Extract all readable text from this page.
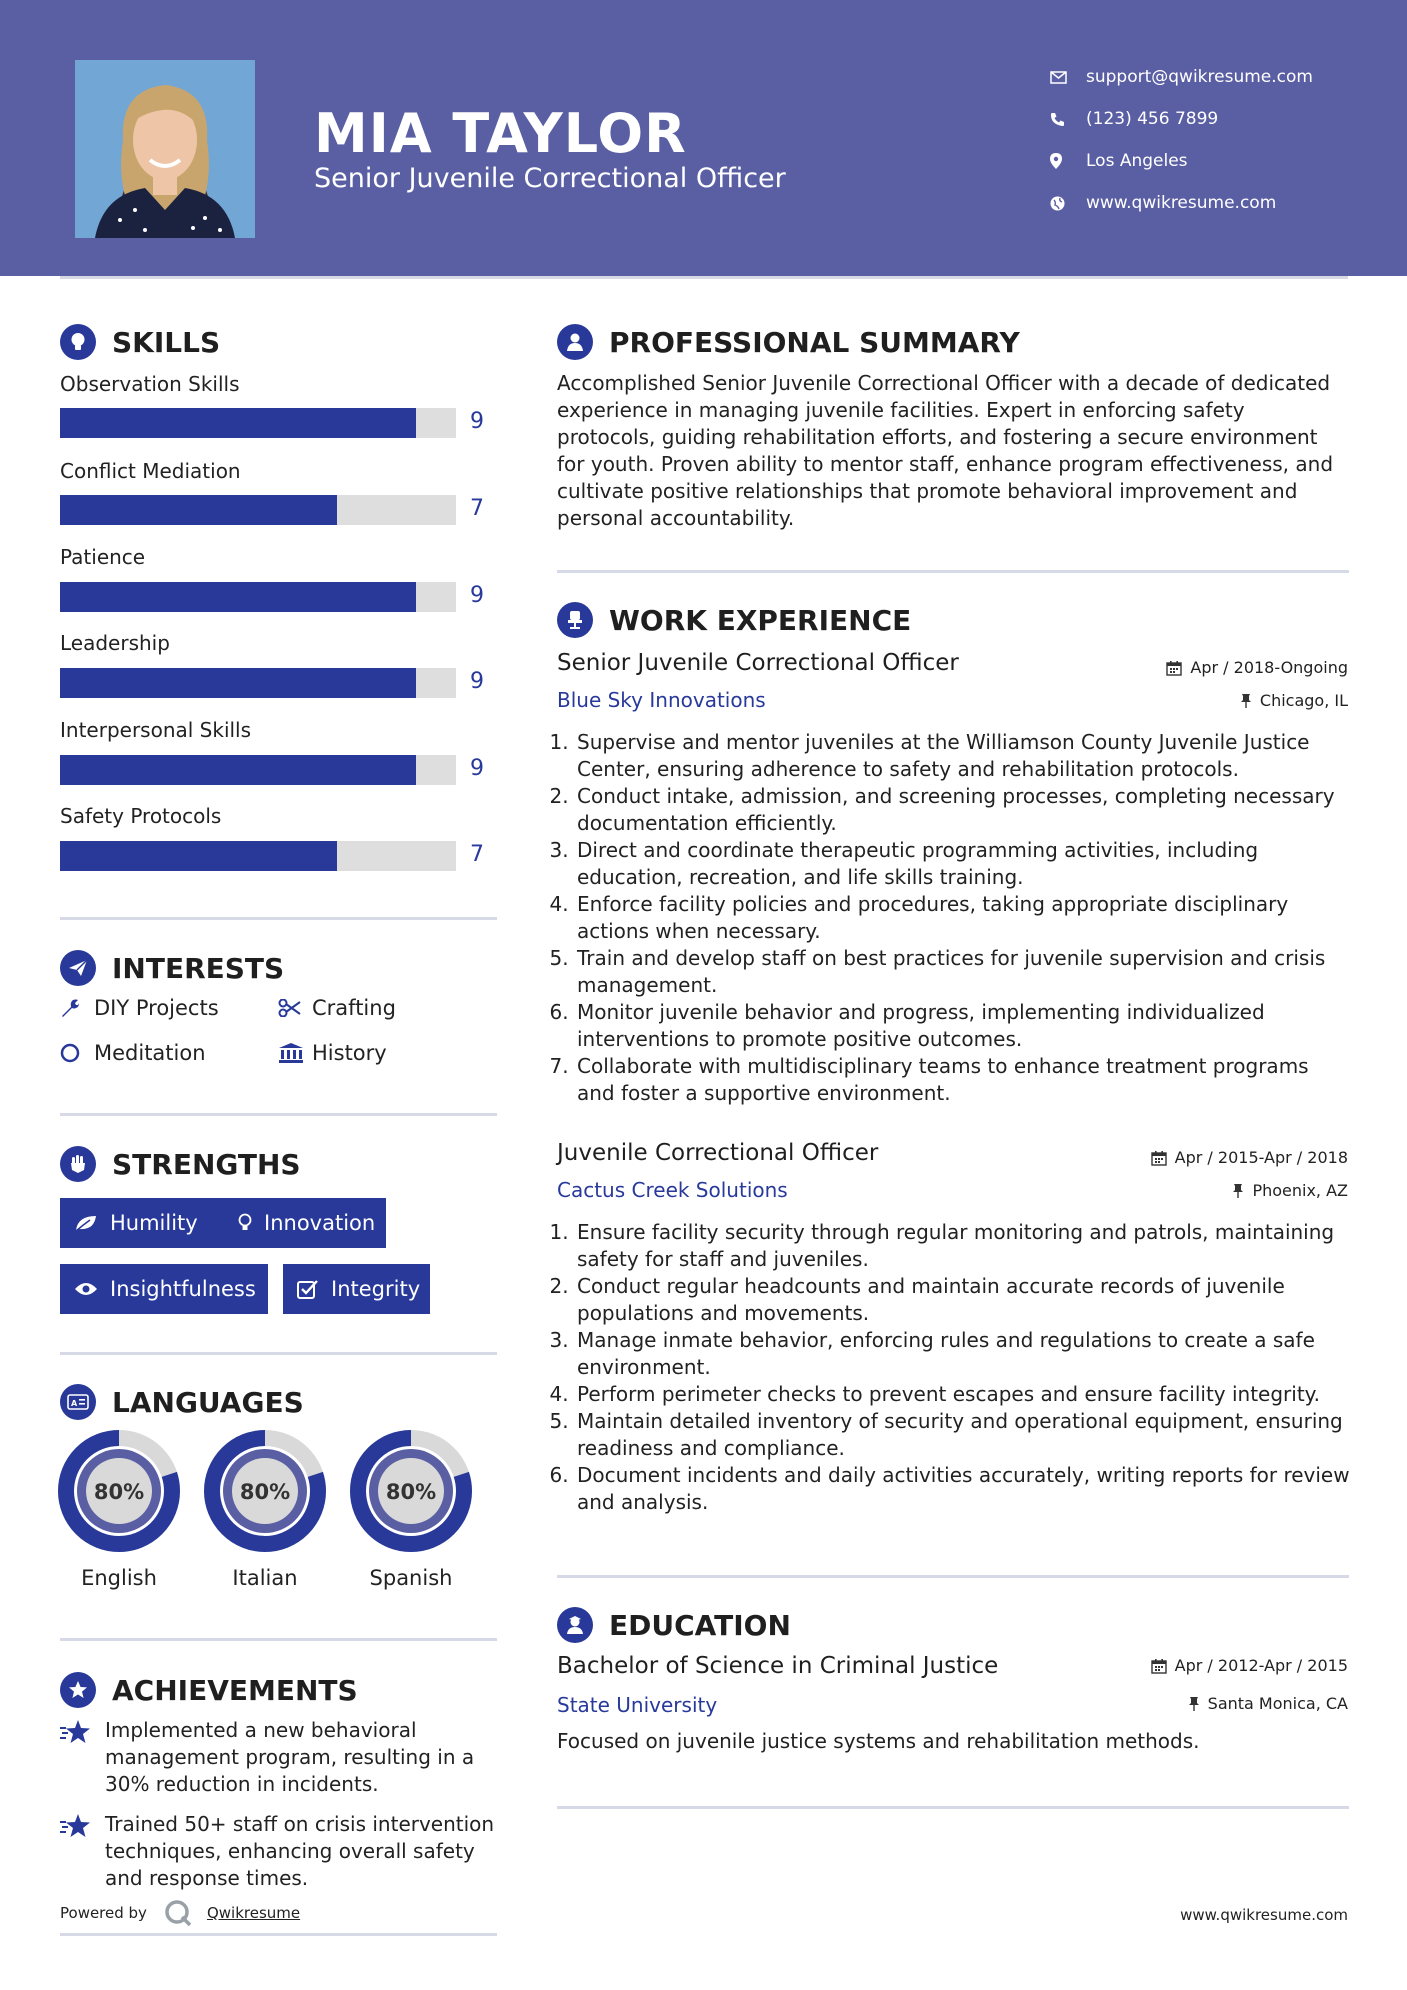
MIA TAYLOR
Senior Juvenile Correctional Officer
support@qwikresume.com
(123) 456 7899
Los Angeles
www.qwikresume.com
SKILLS
Observation Skills
9
Conflict Mediation
7
Patience
9
Leadership
9
Interpersonal Skills
9
Safety Protocols
7
INTERESTS
DIY Projects	Crafting
Meditation	History
STRENGTHS
Humility	Innovation
Insightfulness	Integrity
A LANGUAGES
80%	80%	80%
English	Italian	Spanish
ACHIEVEMENTS
Implemented a new behavioral management program, resulting in a 30% reduction in incidents.
Trained 50+ staff on crisis intervention techniques, enhancing overall safety and response times.
Powered by	Qwikresume	www.qwikresume.com
PROFESSIONAL SUMMARY
Accomplished Senior Juvenile Correctional Officer with a decade of dedicated experience in managing juvenile facilities. Expert in enforcing safety protocols, guiding rehabilitation efforts, and fostering a secure environment for youth. Proven ability to mentor staff, enhance program effectiveness, and cultivate positive relationships that promote behavioral improvement and personal accountability.
WORK EXPERIENCE
Senior Juvenile Correctional Officer	Apr / 2018-Ongoing
Blue Sky Innovations	Chicago, IL
1. Supervise and mentor juveniles at the Williamson County Juvenile Justice Center, ensuring adherence to safety and rehabilitation protocols.
2. Conduct intake, admission, and screening processes, completing necessary documentation efficiently.
3. Direct and coordinate therapeutic programming activities, including education, recreation, and life skills training.
4. Enforce facility policies and procedures, taking appropriate disciplinary actions when necessary.
5. Train and develop staff on best practices for juvenile supervision and crisis management.
6. Monitor juvenile behavior and progress, implementing individualized interventions to promote positive outcomes.
7. Collaborate with multidisciplinary teams to enhance treatment programs and foster a supportive environment.
Juvenile Correctional Officer	Apr / 2015-Apr / 2018
Cactus Creek Solutions	Phoenix, AZ
1. Ensure facility security through regular monitoring and patrols, maintaining safety for staff and juveniles.
2. Conduct regular headcounts and maintain accurate records of juvenile populations and movements.
3. Manage inmate behavior, enforcing rules and regulations to create a safe environment.
4. Perform perimeter checks to prevent escapes and ensure facility integrity.
5. Maintain detailed inventory of security and operational equipment, ensuring readiness and compliance.
6. Document incidents and daily activities accurately, writing reports for review and analysis.
EDUCATION
Bachelor of Science in Criminal Justice	Apr / 2012-Apr / 2015
State University	Santa Monica, CA
Focused on juvenile justice systems and rehabilitation methods.
